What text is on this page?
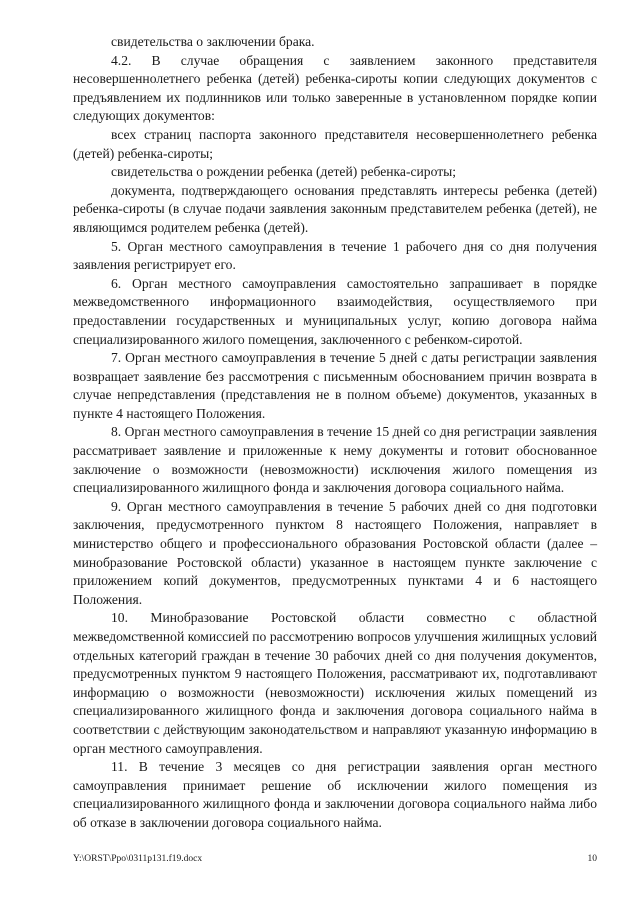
свидетельства о заключении брака.

4.2. В случае обращения с заявлением законного представителя несовершеннолетнего ребенка (детей) ребенка-сироты копии следующих документов с предъявлением их подлинников или только заверенные в установленном порядке копии следующих документов:

всех страниц паспорта законного представителя несовершеннолетнего ребенка (детей) ребенка-сироты;

свидетельства о рождении ребенка (детей) ребенка-сироты;

документа, подтверждающего основания представлять интересы ребенка (детей) ребенка-сироты (в случае подачи заявления законным представителем ребенка (детей), не являющимся родителем ребенка (детей).

5. Орган местного самоуправления в течение 1 рабочего дня со дня получения заявления регистрирует его.

6. Орган местного самоуправления самостоятельно запрашивает в порядке межведомственного информационного взаимодействия, осуществляемого при предоставлении государственных и муниципальных услуг, копию договора найма специализированного жилого помещения, заключенного с ребенком-сиротой.

7. Орган местного самоуправления в течение 5 дней с даты регистрации заявления возвращает заявление без рассмотрения с письменным обоснованием причин возврата в случае непредставления (представления не в полном объеме) документов, указанных в пункте 4 настоящего Положения.

8. Орган местного самоуправления в течение 15 дней со дня регистрации заявления рассматривает заявление и приложенные к нему документы и готовит обоснованное заключение о возможности (невозможности) исключения жилого помещения из специализированного жилищного фонда и заключения договора социального найма.

9. Орган местного самоуправления в течение 5 рабочих дней со дня подготовки заключения, предусмотренного пунктом 8 настоящего Положения, направляет в министерство общего и профессионального образования Ростовской области (далее – минобразование Ростовской области) указанное в настоящем пункте заключение с приложением копий документов, предусмотренных пунктами 4 и 6 настоящего Положения.

10. Минобразование Ростовской области совместно с областной межведомственной комиссией по рассмотрению вопросов улучшения жилищных условий отдельных категорий граждан в течение 30 рабочих дней со дня получения документов, предусмотренных пунктом 9 настоящего Положения, рассматривают их, подготавливают информацию о возможности (невозможности) исключения жилых помещений из специализированного жилищного фонда и заключения договора социального найма в соответствии с действующим законодательством и направляют указанную информацию в орган местного самоуправления.

11. В течение 3 месяцев со дня регистрации заявления орган местного самоуправления принимает решение об исключении жилого помещения из специализированного жилищного фонда и заключении договора социального найма либо об отказе в заключении договора социального найма.

Y:\ORST\Ppo\0311p131.f19.docx	10
